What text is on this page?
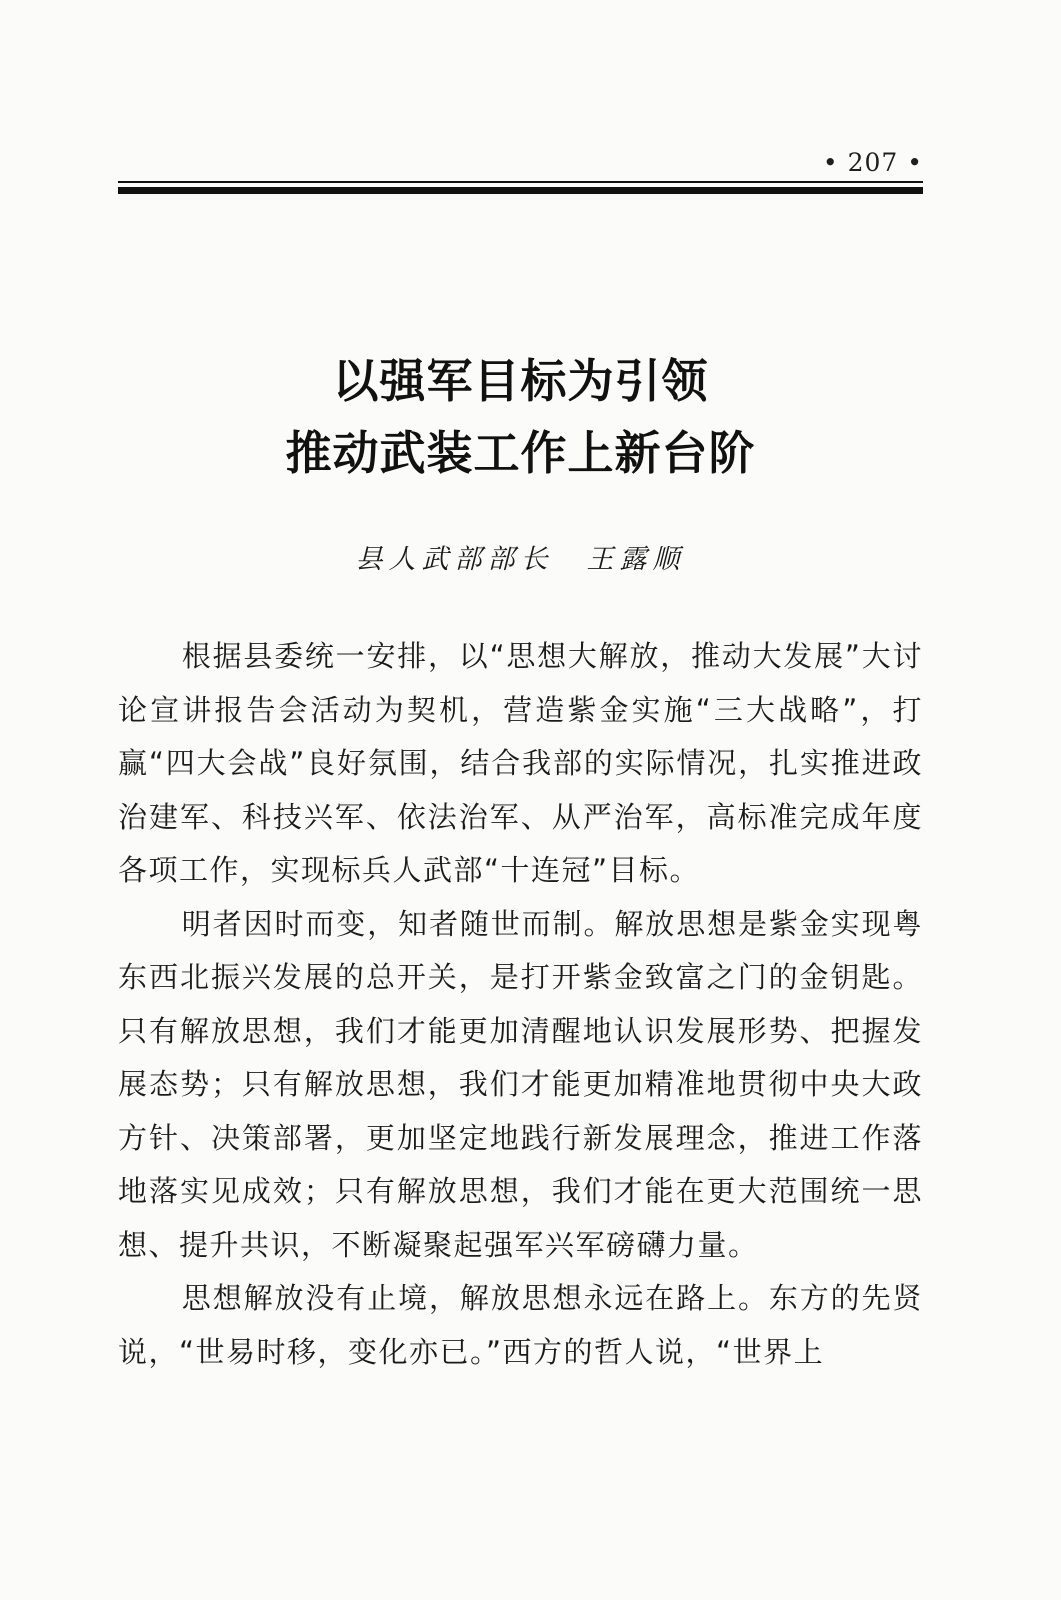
• 207 •
以强军目标为引领
推动武装工作上新台阶
县人武部部长　王露顺

根据县委统一安排，以“思想大解放，推动大发展”大讨论宣讲报告会活动为契机，营造紫金实施“三大战略”，打赢“四大会战”良好氛围，结合我部的实际情况，扎实推进政治建军、科技兴军、依法治军、从严治军，高标准完成年度各项工作，实现标兵人武部“十连冠”目标。

明者因时而变，知者随世而制。解放思想是紫金实现粤东西北振兴发展的总开关，是打开紫金致富之门的金钥匙。只有解放思想，我们才能更加清醒地认识发展形势、把握发展态势；只有解放思想，我们才能更加精准地贯彻中央大政方针、决策部署，更加坚定地践行新发展理念，推进工作落地落实见成效；只有解放思想，我们才能在更大范围统一思想、提升共识，不断凝聚起强军兴军磅礴力量。

思想解放没有止境，解放思想永远在路上。东方的先贤说，“世易时移，变化亦已。”西方的哲人说，“世界上
